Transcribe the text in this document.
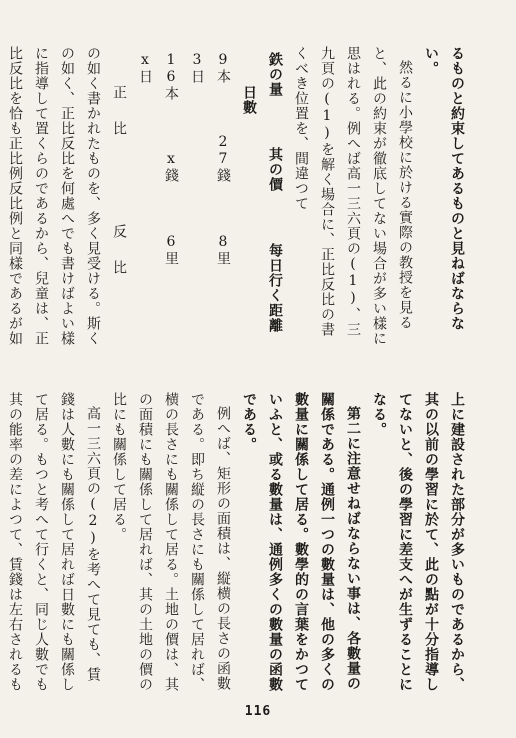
るものと約束してあるものと見ねばならない。

然るに小學校に於ける實際の教授を見ると、此の約束が徹底してない場合が多い樣に思はれる。例へば高一三六頁の(1)、三九頁の(1)を解く場合に、正比反比の書くべき位置を、間違つて

鉄の量  其の價  每日行く距離  日數
9本  27錢  8里  3日
16本  x錢  6里  x日
正　比   反　比

の如く書かれたものを、多く見受ける。斯くの如く、正比反比を何處へでも書けばよい樣に指導して置くらのであるから、兒童は、正比反比を恰も正比例反比例と同樣であるが如

上に建設された部分が多いものであるから、其の以前の學習に於て、此の點が十分指導してないと、後の學習に差支へが生ずることになる。

第二に注意せねばならない事は、各數量の關係である。通例一つの數量は、他の多くの數量に關係して居る。數學的の言葉をかつていふと、或る數量は、通例多くの數量の函數である。

例へば、矩形の面積は、縦横の長さの函數である。即ち縦の長さにも關係して居れば、横の長さにも關係して居る。土地の價は、其の面積にも關係して居れば、其の土地の價の比にも關係して居る。

高一三六頁の(2)を考へて見ても、賃錢は人數にも關係して居れば日數にも關係して居る。もつと考へて行くと、同じ人數でも其の能率の差によつて、賃錢は左右されるも

116
